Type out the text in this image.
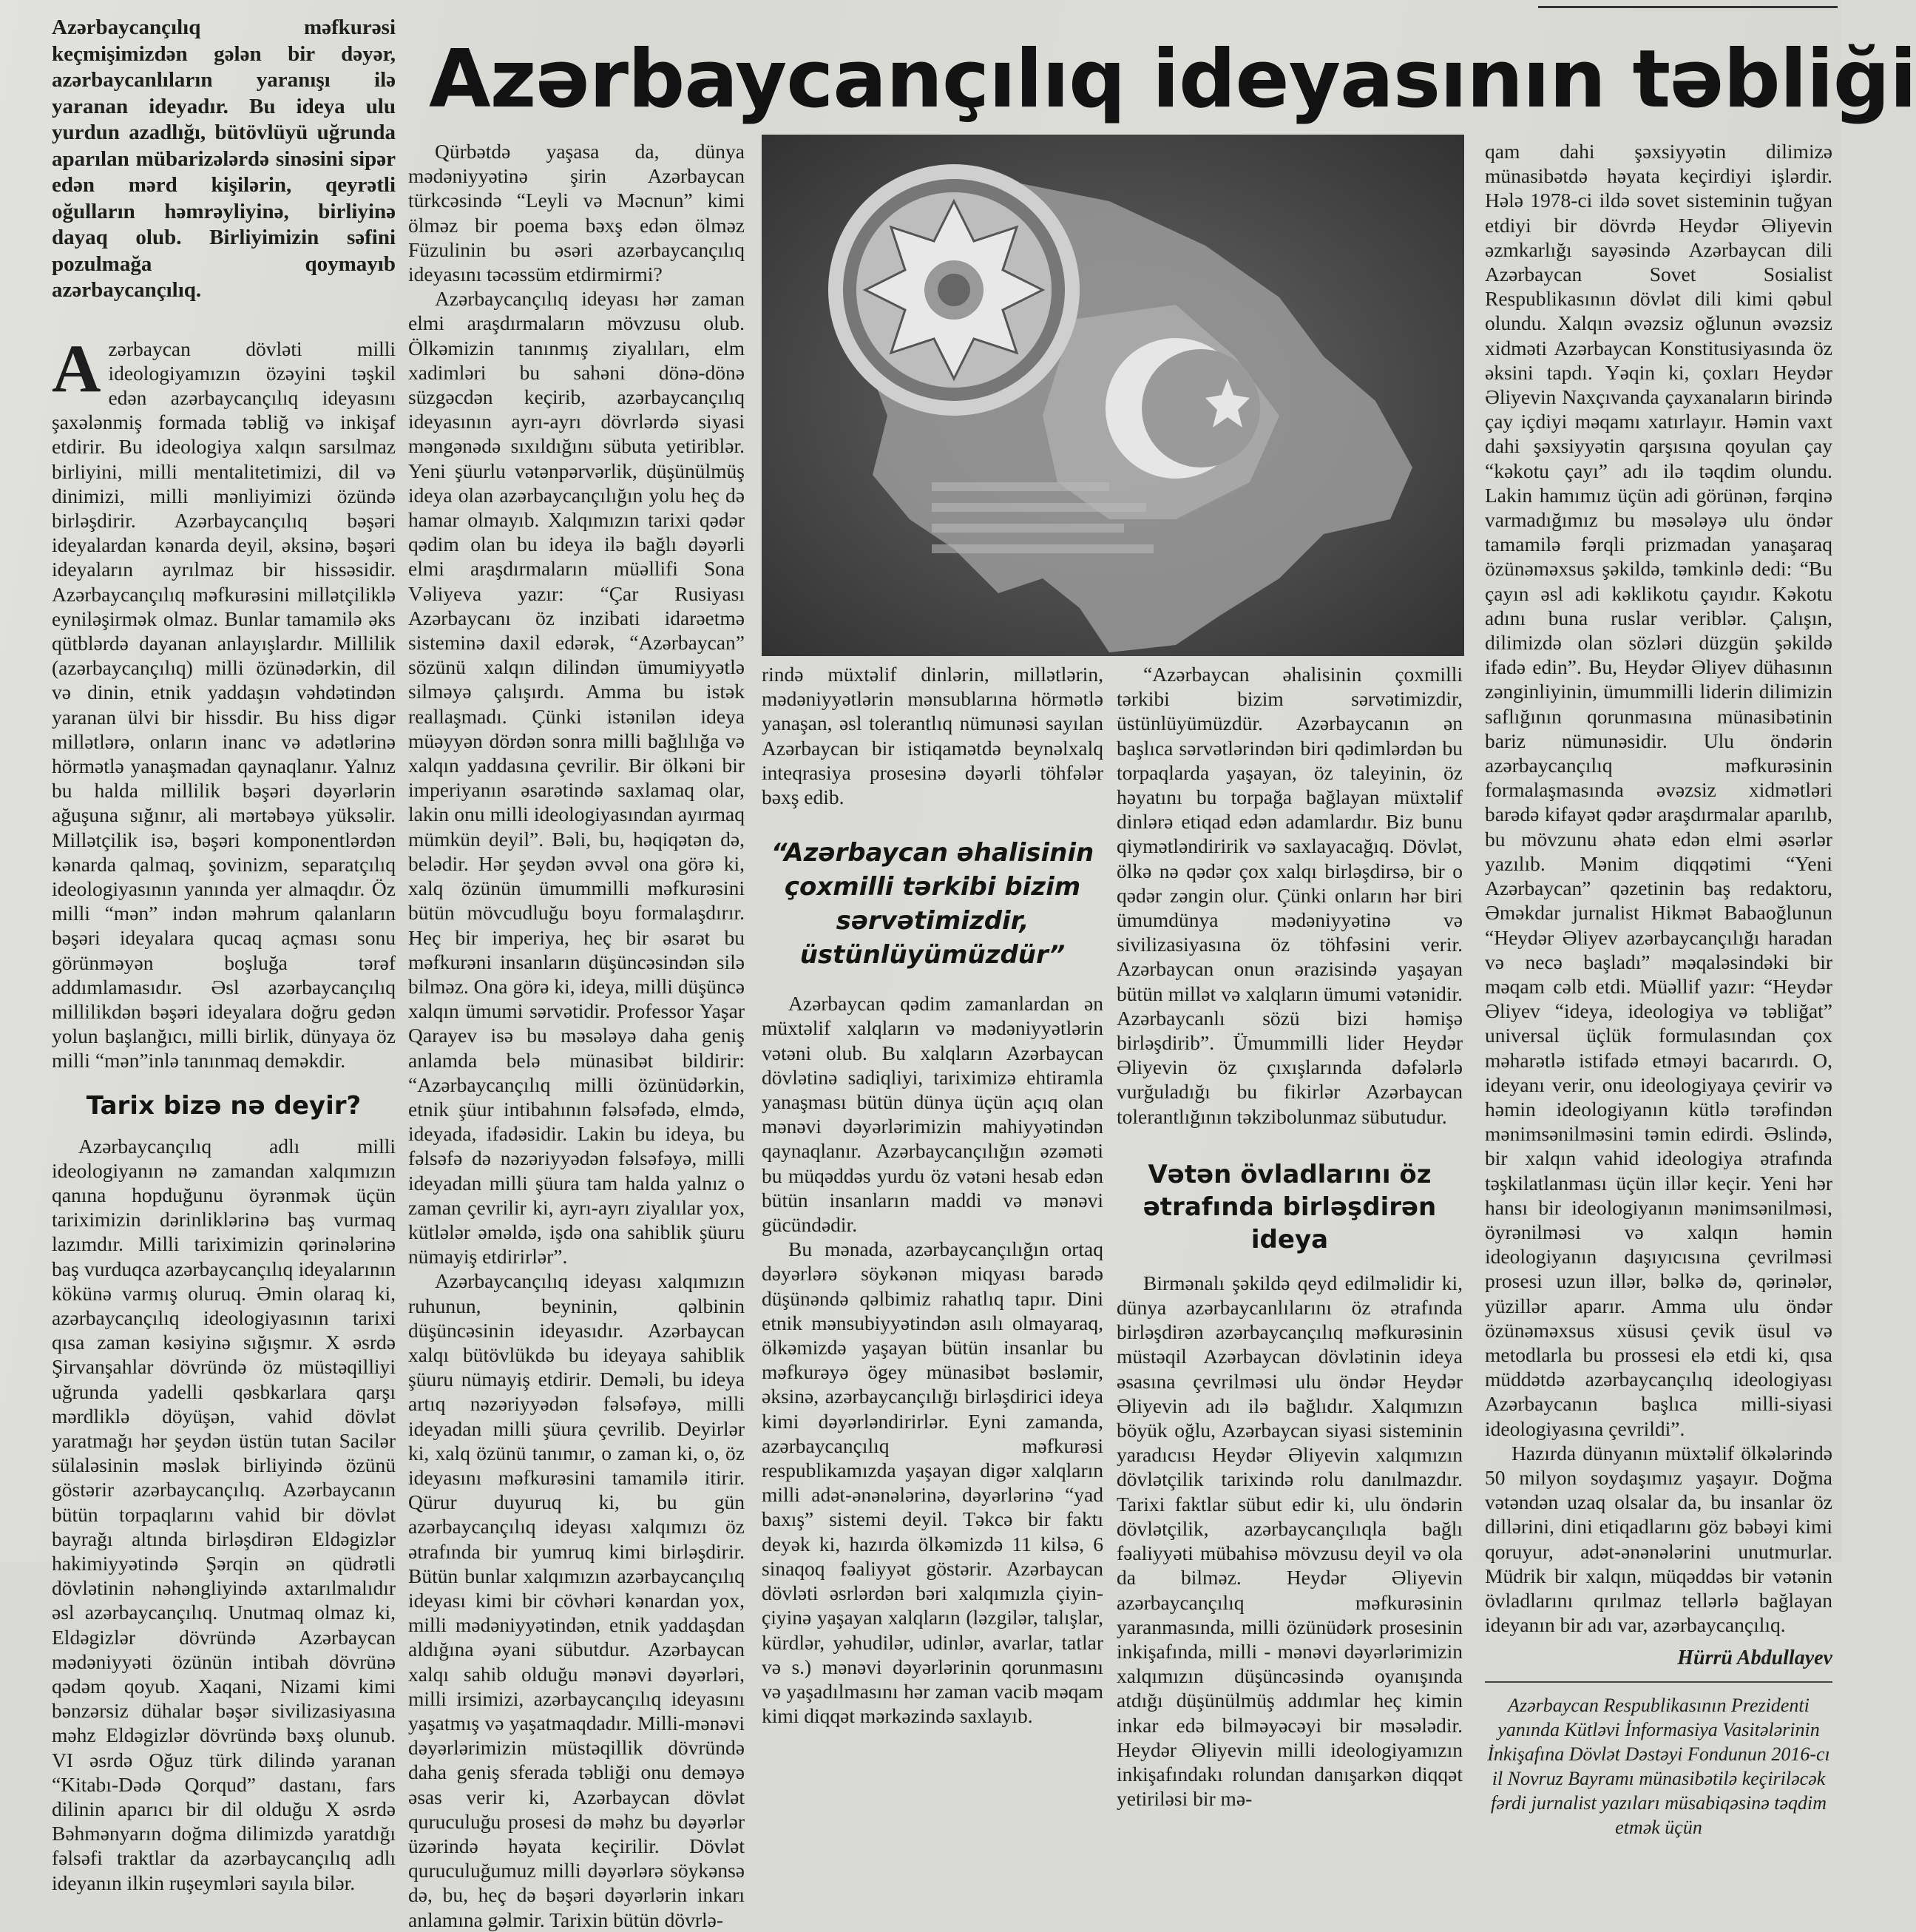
Azərbaycançılıq ideyasının təbliği

Azərbaycançılıq məfkurəsi keçmişimizdən gələn bir dəyər, azərbaycanlıların yaranışı ilə yaranan ideyadır. Bu ideya ulu yurdun azadlığı, bütövlüyü uğrunda aparılan mübarizələrdə sinəsini sipər edən mərd kişilərin, qeyrətli oğulların həmrəyliyinə, birliyinə dayaq olub. Birliyimizin səfini pozulmağa qoymayıb azərbaycançılıq.

Azərbaycan dövləti milli ideologiyamızın özəyini təşkil edən azərbaycançılıq ideyasını şaxələnmiş formada təbliğ və inkişaf etdirir. Bu ideologiya xalqın sarsılmaz birliyini, milli mentalitetimizi, dil və dinimizi, milli mənliyimizi özündə birləşdirir. Azərbaycançılıq bəşəri ideyalardan kənarda deyil, əksinə, bəşəri ideyaların ayrılmaz bir hissəsidir. Azərbaycançılıq məfkurəsini millətçiliklə eyniləşirmək olmaz. Bunlar tamamilə əks qütblərdə dayanan anlayışlardır. Millilik (azərbaycançılıq) milli özünədərkin, dil və dinin, etnik yaddaşın vəhdətindən yaranan ülvi bir hissdir. Bu hiss digər millətlərə, onların inanc və adətlərinə hörmətlə yanaşmadan qaynaqlanır. Yalnız bu halda millilik bəşəri dəyərlərin ağuşuna sığınır, ali mərtəbəyə yüksəlir. Millətçilik isə, bəşəri komponentlərdən kənarda qalmaq, şovinizm, separatçılıq ideologiyasının yanında yer almaqdır. Öz milli “mən” indən məhrum qalanların bəşəri ideyalara qucaq açması sonu görünməyən boşluğa tərəf addımlamasıdır. Əsl azərbaycançılıq millilikdən bəşəri ideyalara doğru gedən yolun başlanğıcı, milli birlik, dünyaya öz milli “mən”inlə tanınmaq deməkdir.

Tarix bizə nə deyir?

Azərbaycançılıq adlı milli ideologiyanın nə zamandan xalqımızın qanına hopduğunu öyrənmək üçün tariximizin dərinliklərinə baş vurmaq lazımdır. Milli tariximizin qərinələrinə baş vurduqca azərbaycançılıq ideyalarının kökünə varmış oluruq. Əmin olaraq ki, azərbaycançılıq ideologiyasının tarixi qısa zaman kəsiyinə sığışmır. X əsrdə Şirvanşahlar dövründə öz müstəqilliyi uğrunda yadelli qəsbkarlara qarşı mərdliklə döyüşən, vahid dövlət yaratmağı hər şeydən üstün tutan Sacilər sülaləsinin məslək birliyində özünü göstərir azərbaycançılıq. Azərbaycanın bütün torpaqlarını vahid bir dövlət bayrağı altında birləşdirən Eldəgizlər hakimiyyətində Şərqin ən qüdrətli dövlətinin nəhəngliyində axtarılmalıdır əsl azərbaycançılıq. Unutmaq olmaz ki, Eldəgizlər dövründə Azərbaycan mədəniyyəti özünün intibah dövrünə qədəm qoyub. Xaqani, Nizami kimi bənzərsiz dühalar bəşər sivilizasiyasına məhz Eldəgizlər dövründə bəxş olunub. VI əsrdə Oğuz türk dilində yaranan “Kitabı-Dədə Qorqud” dastanı, fars dilinin aparıcı bir dil olduğu X əsrdə Bəhmənyarın doğma dilimizdə yaratdığı fəlsəfi traktlar da azərbaycançılıq adlı ideyanın ilkin ruşeymləri sayıla bilər.

Qürbətdə yaşasa da, dünya mədəniyyətinə şirin Azərbaycan türkcəsində “Leyli və Məcnun” kimi ölməz bir poema bəxş edən ölməz Füzulinin bu əsəri azərbaycançılıq ideyasını təcəssüm etdirmirmi?

Azərbaycançılıq ideyası hər zaman elmi araşdırmaların mövzusu olub. Ölkəmizin tanınmış ziyalıları, elm xadimləri bu sahəni dönə-dönə süzgəcdən keçirib, azərbaycançılıq ideyasının ayrı-ayrı dövrlərdə siyasi məngənədə sıxıldığını sübuta yetiriblər. Yeni şüurlu vətənpərvərlik, düşünülmüş ideya olan azərbaycançılığın yolu heç də hamar olmayıb. Xalqımızın tarixi qədər qədim olan bu ideya ilə bağlı dəyərli elmi araşdırmaların müəllifi Sona Vəliyeva yazır: “Çar Rusiyası Azərbaycanı öz inzibati idarəetmə sisteminə daxil edərək, “Azərbaycan” sözünü xalqın dilindən ümumiyyətlə silməyə çalışırdı. Amma bu istək reallaşmadı. Çünki istənilən ideya müəyyən dördən sonra milli bağlılığa və xalqın yaddasına çevrilir. Bir ölkəni bir imperiyanın əsarətində saxlamaq olar, lakin onu milli ideologiyasından ayırmaq mümkün deyil”. Bəli, bu, həqiqətən də, belədir. Hər şeydən əvvəl ona görə ki, xalq özünün ümummilli məfkurəsini bütün mövcudluğu boyu formalaşdırır. Heç bir imperiya, heç bir əsarət bu məfkurəni insanların düşüncəsindən silə bilməz. Ona görə ki, ideya, milli düşüncə xalqın ümumi sərvətidir. Professor Yaşar Qarayev isə bu məsələyə daha geniş anlamda belə münasibət bildirir: “Azərbaycançılıq milli özünüdərkin, etnik şüur intibahının fəlsəfədə, elmdə, ideyada, ifadəsidir. Lakin bu ideya, bu fəlsəfə də nəzəriyyədən fəlsəfəyə, milli ideyadan milli şüura tam halda yalnız o zaman çevrilir ki, ayrı-ayrı ziyalılar yox, kütlələr əməldə, işdə ona sahiblik şüuru nümayiş etdirirlər”.

Azərbaycançılıq ideyası xalqımızın ruhunun, beyninin, qəlbinin düşüncəsinin ideyasıdır. Azərbaycan xalqı bütövlükdə bu ideyaya sahiblik şüuru nümayiş etdirir. Deməli, bu ideya artıq nəzəriyyədən fəlsəfəyə, milli ideyadan milli şüura çevrilib. Deyirlər ki, xalq özünü tanımır, o zaman ki, o, öz ideyasını məfkurəsini tamamilə itirir. Qürur duyuruq ki, bu gün azərbaycançılıq ideyası xalqımızı öz ətrafında bir yumruq kimi birləşdirir. Bütün bunlar xalqımızın azərbaycançılıq ideyası kimi bir cövhəri kənardan yox, milli mədəniyyətindən, etnik yaddaşdan aldığına əyani sübutdur. Azərbaycan xalqı sahib olduğu mənəvi dəyərləri, milli irsimizi, azərbaycançılıq ideyasını yaşatmış və yaşatmaqdadır. Milli-mənəvi dəyərlərimizin müstəqillik dövründə daha geniş sferada təbliği onu deməyə əsas verir ki, Azərbaycan dövlət quruculuğu prosesi də məhz bu dəyərlər üzərində həyata keçirilir. Dövlət quruculuğumuz milli dəyərlərə söykənsə də, bu, heç də bəşəri dəyərlərin inkarı anlamına gəlmir. Tarixin bütün dövrlə-

rində müxtəlif dinlərin, millətlərin, mədəniyyətlərin mənsublarına hörmətlə yanaşan, əsl tolerantlıq nümunəsi sayılan Azərbaycan bir istiqamətdə beynəlxalq inteqrasiya prosesinə dəyərli töhfələr bəxş edib.

“Azərbaycan əhalisinin çoxmilli tərkibi bizim sərvətimizdir, üstünlüyümüzdür”

Azərbaycan qədim zamanlardan ən müxtəlif xalqların və mədəniyyətlərin vətəni olub. Bu xalqların Azərbaycan dövlətinə sadiqliyi, tariximizə ehtiramla yanaşması bütün dünya üçün açıq olan mənəvi dəyərlərimizin mahiyyətindən qaynaqlanır. Azərbaycançılığın əzəməti bu müqəddəs yurdu öz vətəni hesab edən bütün insanların maddi və mənəvi gücündədir.

Bu mənada, azərbaycançılığın ortaq dəyərlərə söykənən miqyası barədə düşünəndə qəlbimiz rahatlıq tapır. Dini etnik mənsubiyyətindən asılı olmayaraq, ölkəmizdə yaşayan bütün insanlar bu məfkurəyə ögey münasibət bəsləmir, əksinə, azərbaycançılığı birləşdirici ideya kimi dəyərləndirirlər. Eyni zamanda, azərbaycançılıq məfkurəsi respublikamızda yaşayan digər xalqların milli adət-ənənələrinə, dəyərlərinə “yad baxış” sistemi deyil. Təkcə bir faktı deyək ki, hazırda ölkəmizdə 11 kilsə, 6 sinaqoq fəaliyyət göstərir. Azərbaycan dövləti əsrlərdən bəri xalqımızla çiyin-çiyinə yaşayan xalqların (ləzgilər, talışlar, kürdlər, yəhudilər, udinlər, avarlar, tatlar və s.) mənəvi dəyərlərinin qorunmasını və yaşadılmasını hər zaman vacib məqam kimi diqqət mərkəzində saxlayıb.

“Azərbaycan əhalisinin çoxmilli tərkibi bizim sərvətimizdir, üstünlüyümüzdür. Azərbaycanın ən başlıca sərvətlərindən biri qədimlərdən bu torpaqlarda yaşayan, öz taleyinin, öz həyatını bu torpağa bağlayan müxtəlif dinlərə etiqad edən adamlardır. Biz bunu qiymətləndiririk və saxlayacağıq. Dövlət, ölkə nə qədər çox xalqı birləşdirsə, bir o qədər zəngin olur. Çünki onların hər biri ümumdünya mədəniyyətinə və sivilizasiyasına öz töhfəsini verir. Azərbaycan onun ərazisində yaşayan bütün millət və xalqların ümumi vətənidir. Azərbaycanlı sözü bizi həmişə birləşdirib”. Ümummilli lider Heydər Əliyevin öz çıxışlarında dəfələrlə vurğuladığı bu fikirlər Azərbaycan tolerantlığının təkzibolunmaz sübutudur.

Vətən övladlarını öz ətrafında birləşdirən ideya

Birmənalı şəkildə qeyd edilməlidir ki, dünya azərbaycanlılarını öz ətrafında birləşdirən azərbaycançılıq məfkurəsinin müstəqil Azərbaycan dövlətinin ideya əsasına çevrilməsi ulu öndər Heydər Əliyevin adı ilə bağlıdır. Xalqımızın böyük oğlu, Azərbaycan siyasi sisteminin yaradıcısı Heydər Əliyevin xalqımızın dövlətçilik tarixində rolu danılmazdır. Tarixi faktlar sübut edir ki, ulu öndərin dövlətçilik, azərbaycançılıqla bağlı fəaliyyəti mübahisə mövzusu deyil və ola da bilməz. Heydər Əliyevin azərbaycançılıq məfkurəsinin yaranmasında, milli özünüdərk prosesinin inkişafında, milli - mənəvi dəyərlərimizin xalqımızın düşüncəsində oyanışında atdığı düşünülmüş addımlar heç kimin inkar edə bilməyəcəyi bir məsələdir. Heydər Əliyevin milli ideologiyamızın inkişafındakı rolundan danışarkən diqqət yetiriləsi bir mə-

qam dahi şəxsiyyətin dilimizə münasibətdə həyata keçirdiyi işlərdir. Hələ 1978-ci ildə sovet sisteminin tuğyan etdiyi bir dövrdə Heydər Əliyevin əzmkarlığı sayəsində Azərbaycan dili Azərbaycan Sovet Sosialist Respublikasının dövlət dili kimi qəbul olundu. Xalqın əvəzsiz oğlunun əvəzsiz xidməti Azərbaycan Konstitusiyasında öz əksini tapdı. Yəqin ki, çoxları Heydər Əliyevin Naxçıvanda çayxanaların birində çay içdiyi məqamı xatırlayır. Həmin vaxt dahi şəxsiyyətin qarşısına qoyulan çay “kəkotu çayı” adı ilə təqdim olundu. Lakin hamımız üçün adi görünən, fərqinə varmadığımız bu məsələyə ulu öndər tamamilə fərqli prizmadan yanaşaraq özünəməxsus şəkildə, təmkinlə dedi: “Bu çayın əsl adi kəklikotu çayıdır. Kəkotu adını buna ruslar veriblər. Çalışın, dilimizdə olan sözləri düzgün şəkildə ifadə edin”. Bu, Heydər Əliyev dühasının zənginliyinin, ümummilli liderin dilimizin saflığının qorunmasına münasibətinin bariz nümunəsidir. Ulu öndərin azərbaycançılıq məfkurəsinin formalaşmasında əvəzsiz xidmətləri barədə kifayət qədər araşdırmalar aparılıb, bu mövzunu əhatə edən elmi əsərlər yazılıb. Mənim diqqətimi “Yeni Azərbaycan” qəzetinin baş redaktoru, Əməkdar jurnalist Hikmət Babaoğlunun “Heydər Əliyev azərbaycançılığı haradan və necə başladı” məqaləsindəki bir məqam cəlb etdi. Müəllif yazır: “Heydər Əliyev “ideya, ideologiya və təbliğat” universal üçlük formulasından çox məharətlə istifadə etməyi bacarırdı. O, ideyanı verir, onu ideologiyaya çevirir və həmin ideologiyanın kütlə tərəfindən mənimsənilməsini təmin edirdi. Əslində, bir xalqın vahid ideologiya ətrafında təşkilatlanması üçün illər keçir. Yeni hər hansı bir ideologiyanın mənimsənilməsi, öyrənilməsi və xalqın həmin ideologiyanın daşıyıcısına çevrilməsi prosesi uzun illər, bəlkə də, qərinələr, yüzillər aparır. Amma ulu öndər özünəməxsus xüsusi çevik üsul və metodlarla bu prossesi elə etdi ki, qısa müddətdə azərbaycançılıq ideologiyası Azərbaycanın başlıca milli-siyasi ideologiyasına çevrildi”.

Hazırda dünyanın müxtəlif ölkələrində 50 milyon soydaşımız yaşayır. Doğma vətəndən uzaq olsalar da, bu insanlar öz dillərini, dini etiqadlarını göz bəbəyi kimi qoruyur, adət-ənənələrini unutmurlar. Müdrik bir xalqın, müqəddəs bir vətənin övladlarını qırılmaz tellərlə bağlayan ideyanın bir adı var, azərbaycançılıq.

Hürrü Abdullayev
Azərbaycan Respublikasının Prezidenti yanında Kütləvi İnformasiya Vasitələrinin İnkişafına Dövlət Dəstəyi Fondunun 2016-cı il Novruz Bayramı münasibətilə keçiriləcək fərdi jurnalist yazıları müsabiqəsinə təqdim etmək üçün
